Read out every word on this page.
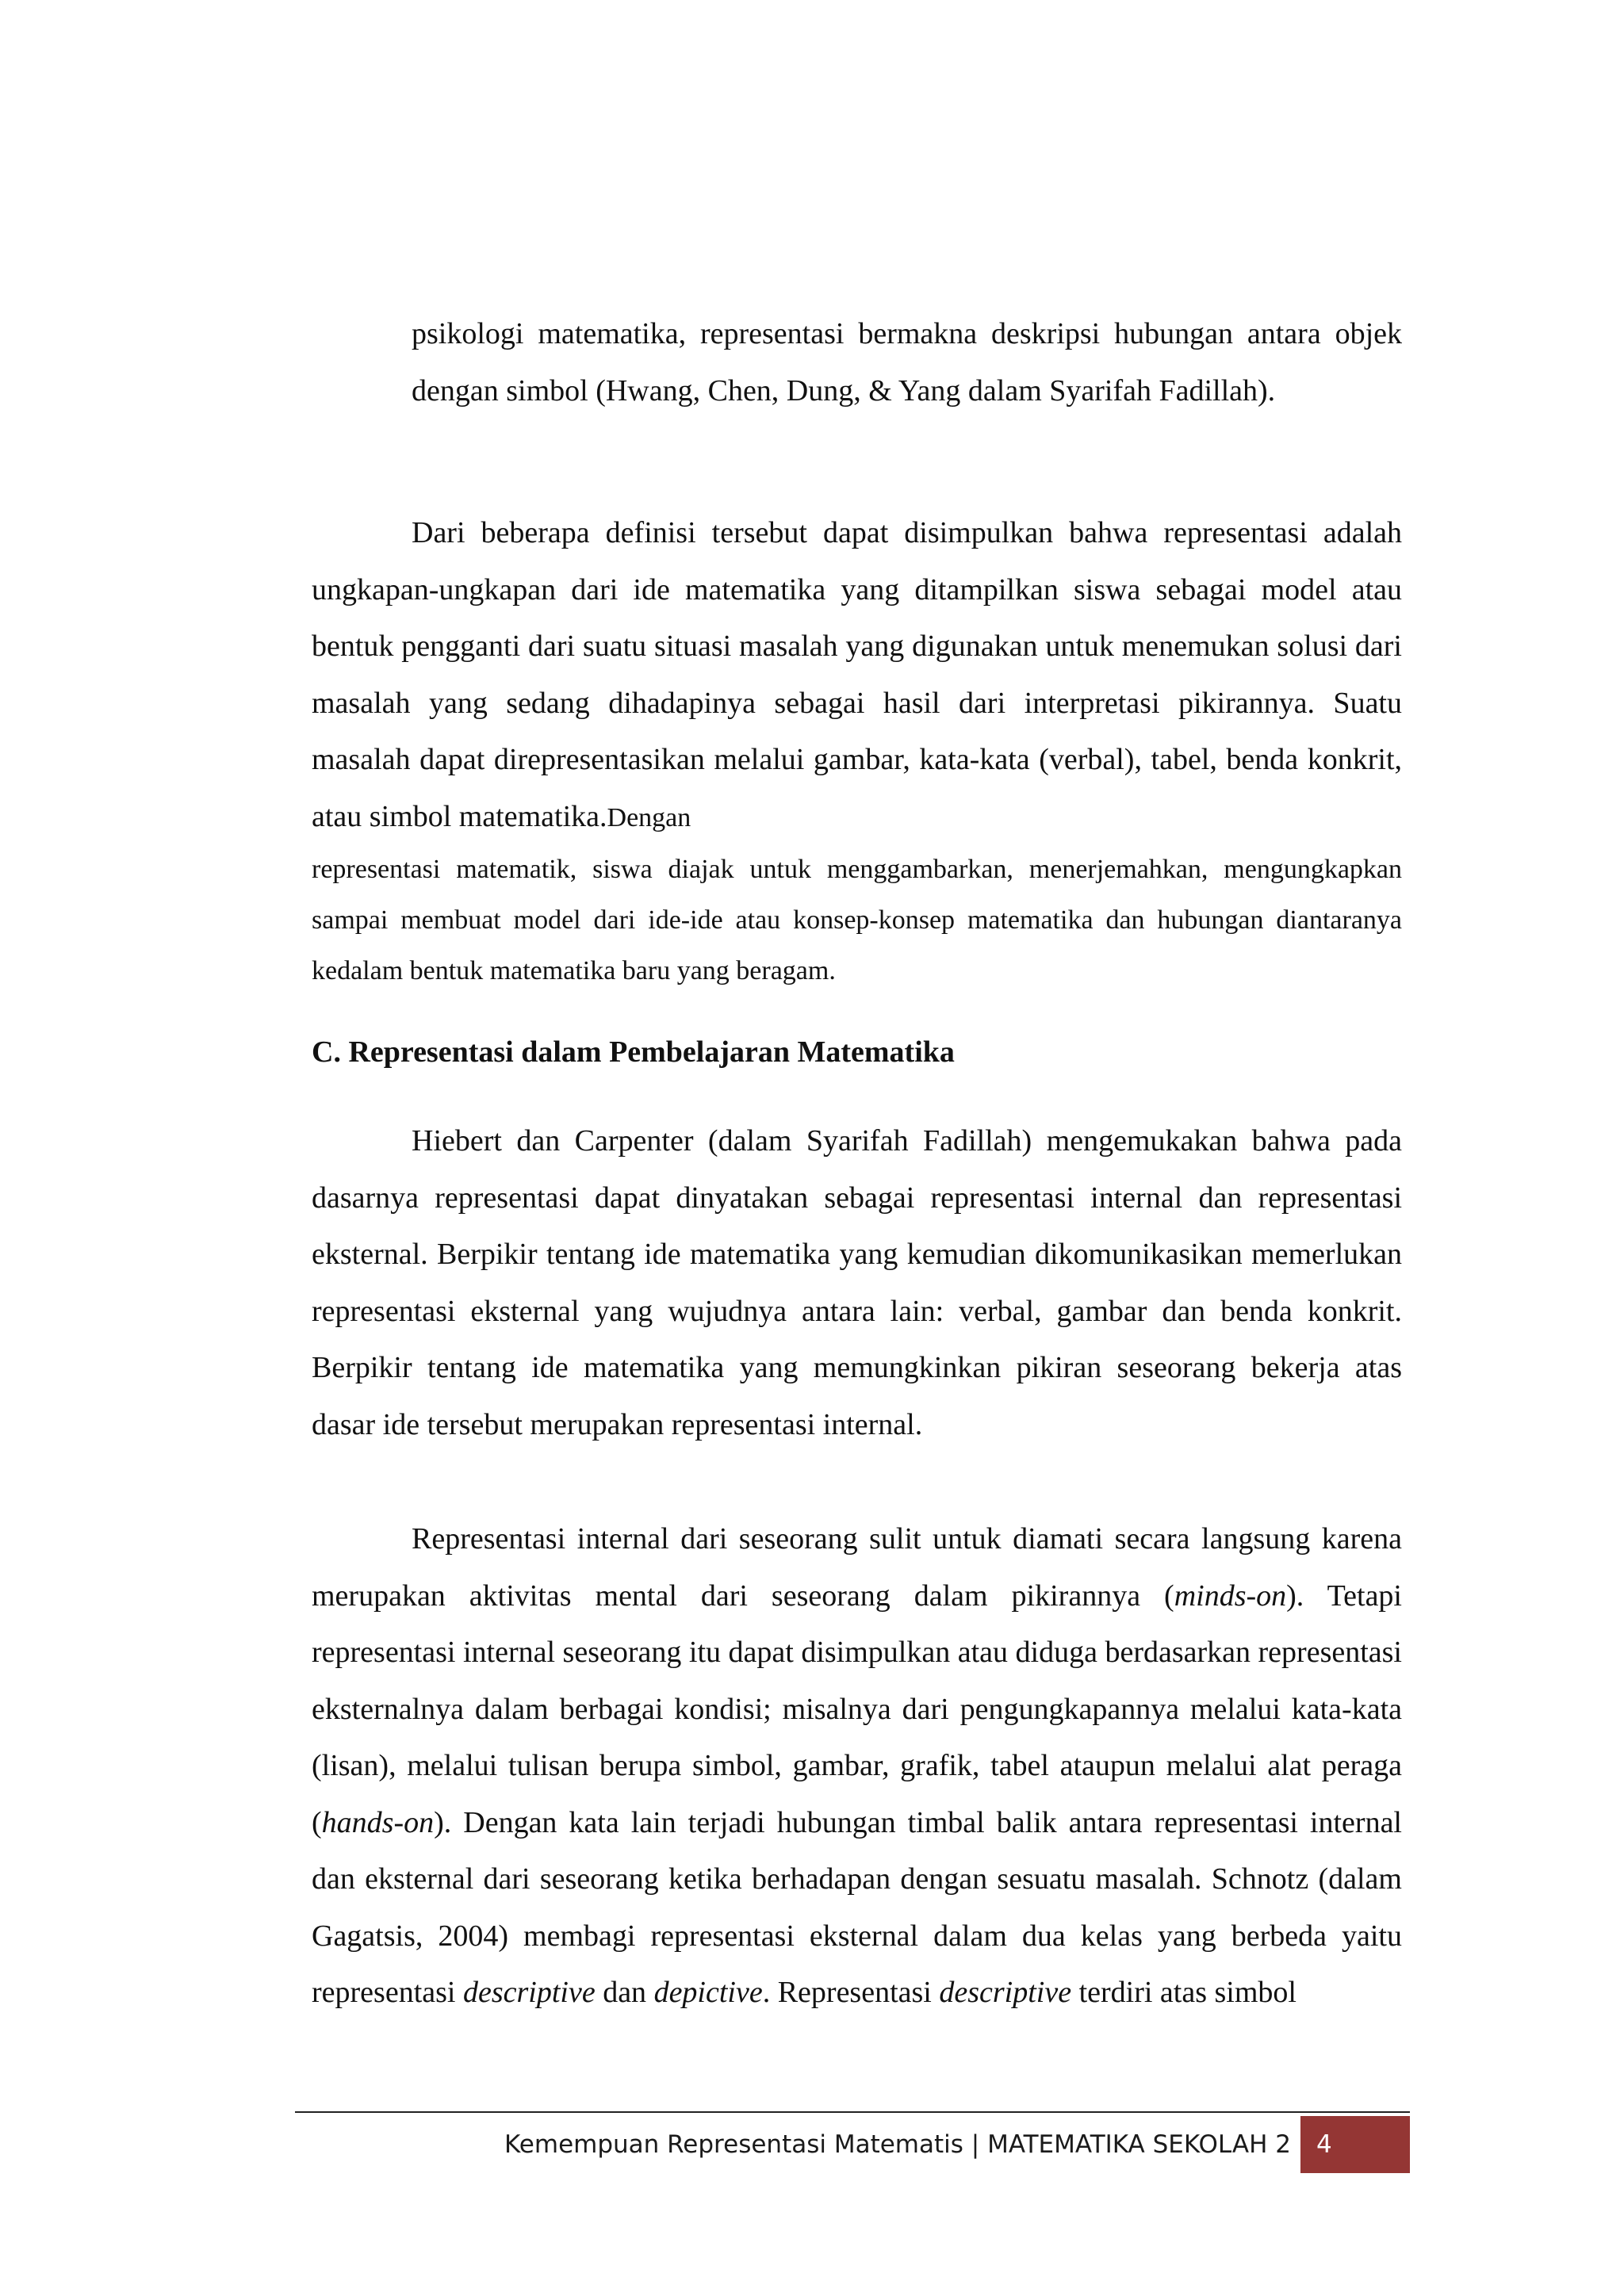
psikologi matematika, representasi bermakna deskripsi hubungan antara objek dengan simbol (Hwang, Chen, Dung, & Yang dalam Syarifah Fadillah).

Dari beberapa definisi tersebut dapat disimpulkan bahwa representasi adalah ungkapan-ungkapan dari ide matematika yang ditampilkan siswa sebagai model atau bentuk pengganti dari suatu situasi masalah yang digunakan untuk menemukan solusi dari masalah yang sedang dihadapinya sebagai hasil dari interpretasi pikirannya. Suatu masalah dapat direpresentasikan melalui gambar, kata-kata (verbal), tabel, benda konkrit, atau simbol matematika.Dengan

representasi matematik, siswa diajak untuk menggambarkan, menerjemahkan, mengungkapkan sampai membuat model dari ide-ide atau konsep-konsep matematika dan hubungan diantaranya kedalam bentuk matematika baru yang beragam.

C. Representasi dalam Pembelajaran Matematika

Hiebert dan Carpenter (dalam Syarifah Fadillah) mengemukakan bahwa pada dasarnya representasi dapat dinyatakan sebagai representasi internal dan representasi eksternal. Berpikir tentang ide matematika yang kemudian dikomunikasikan memerlukan representasi eksternal yang wujudnya antara lain: verbal, gambar dan benda konkrit. Berpikir tentang ide matematika yang memungkinkan pikiran seseorang bekerja atas dasar ide tersebut merupakan representasi internal.

Representasi internal dari seseorang sulit untuk diamati secara langsung karena merupakan aktivitas mental dari seseorang dalam pikirannya (minds-on). Tetapi representasi internal seseorang itu dapat disimpulkan atau diduga berdasarkan representasi eksternalnya dalam berbagai kondisi; misalnya dari pengungkapannya melalui kata-kata (lisan), melalui tulisan berupa simbol, gambar, grafik, tabel ataupun melalui alat peraga (hands-on). Dengan kata lain terjadi hubungan timbal balik antara representasi internal dan eksternal dari seseorang ketika berhadapan dengan sesuatu masalah. Schnotz (dalam Gagatsis, 2004) membagi representasi eksternal dalam dua kelas yang berbeda yaitu representasi descriptive dan depictive. Representasi descriptive terdiri atas simbol

Kemempuan Representasi Matematis | MATEMATIKA SEKOLAH 2 4
